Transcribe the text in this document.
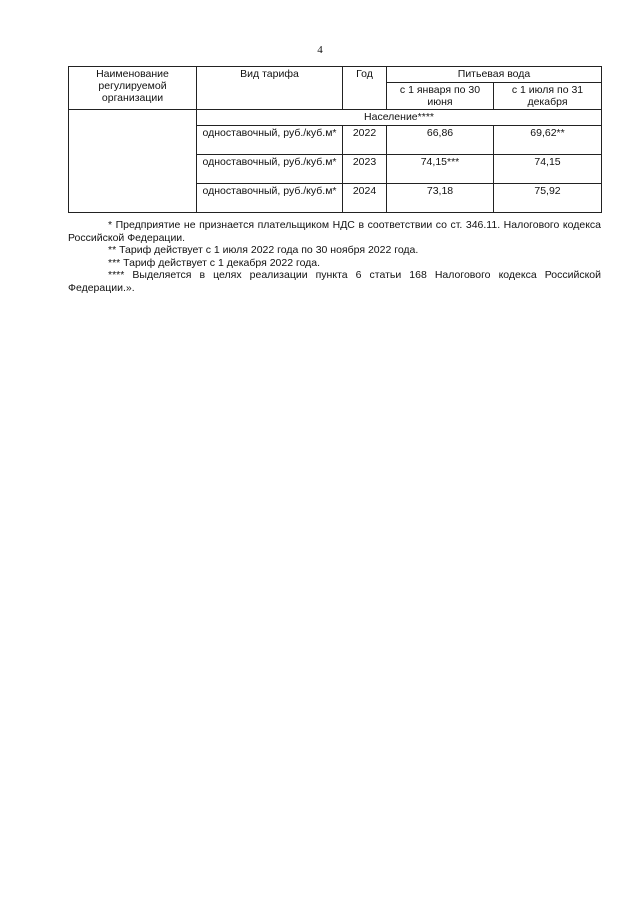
4
Наименование регулируемой организации	Вид тарифа	Год	Питьевая вода	
			с 1 января по 30 июня	с 1 июля по 31 декабря
	Население****			
	одноставочный, руб./куб.м*	2022	66,86	69,62**
	одноставочный, руб./куб.м*	2023	74,15***	74,15
	одноставочный, руб./куб.м*	2024	73,18	75,92

* Предприятие не признается плательщиком НДС в соответствии со ст. 346.11. Налогового кодекса Российской Федерации.

** Тариф действует с 1 июля 2022 года по 30 ноября 2022 года.

*** Тариф действует с 1 декабря 2022 года.

**** Выделяется в целях реализации пункта 6 статьи 168 Налогового кодекса Российской Федерации.».
